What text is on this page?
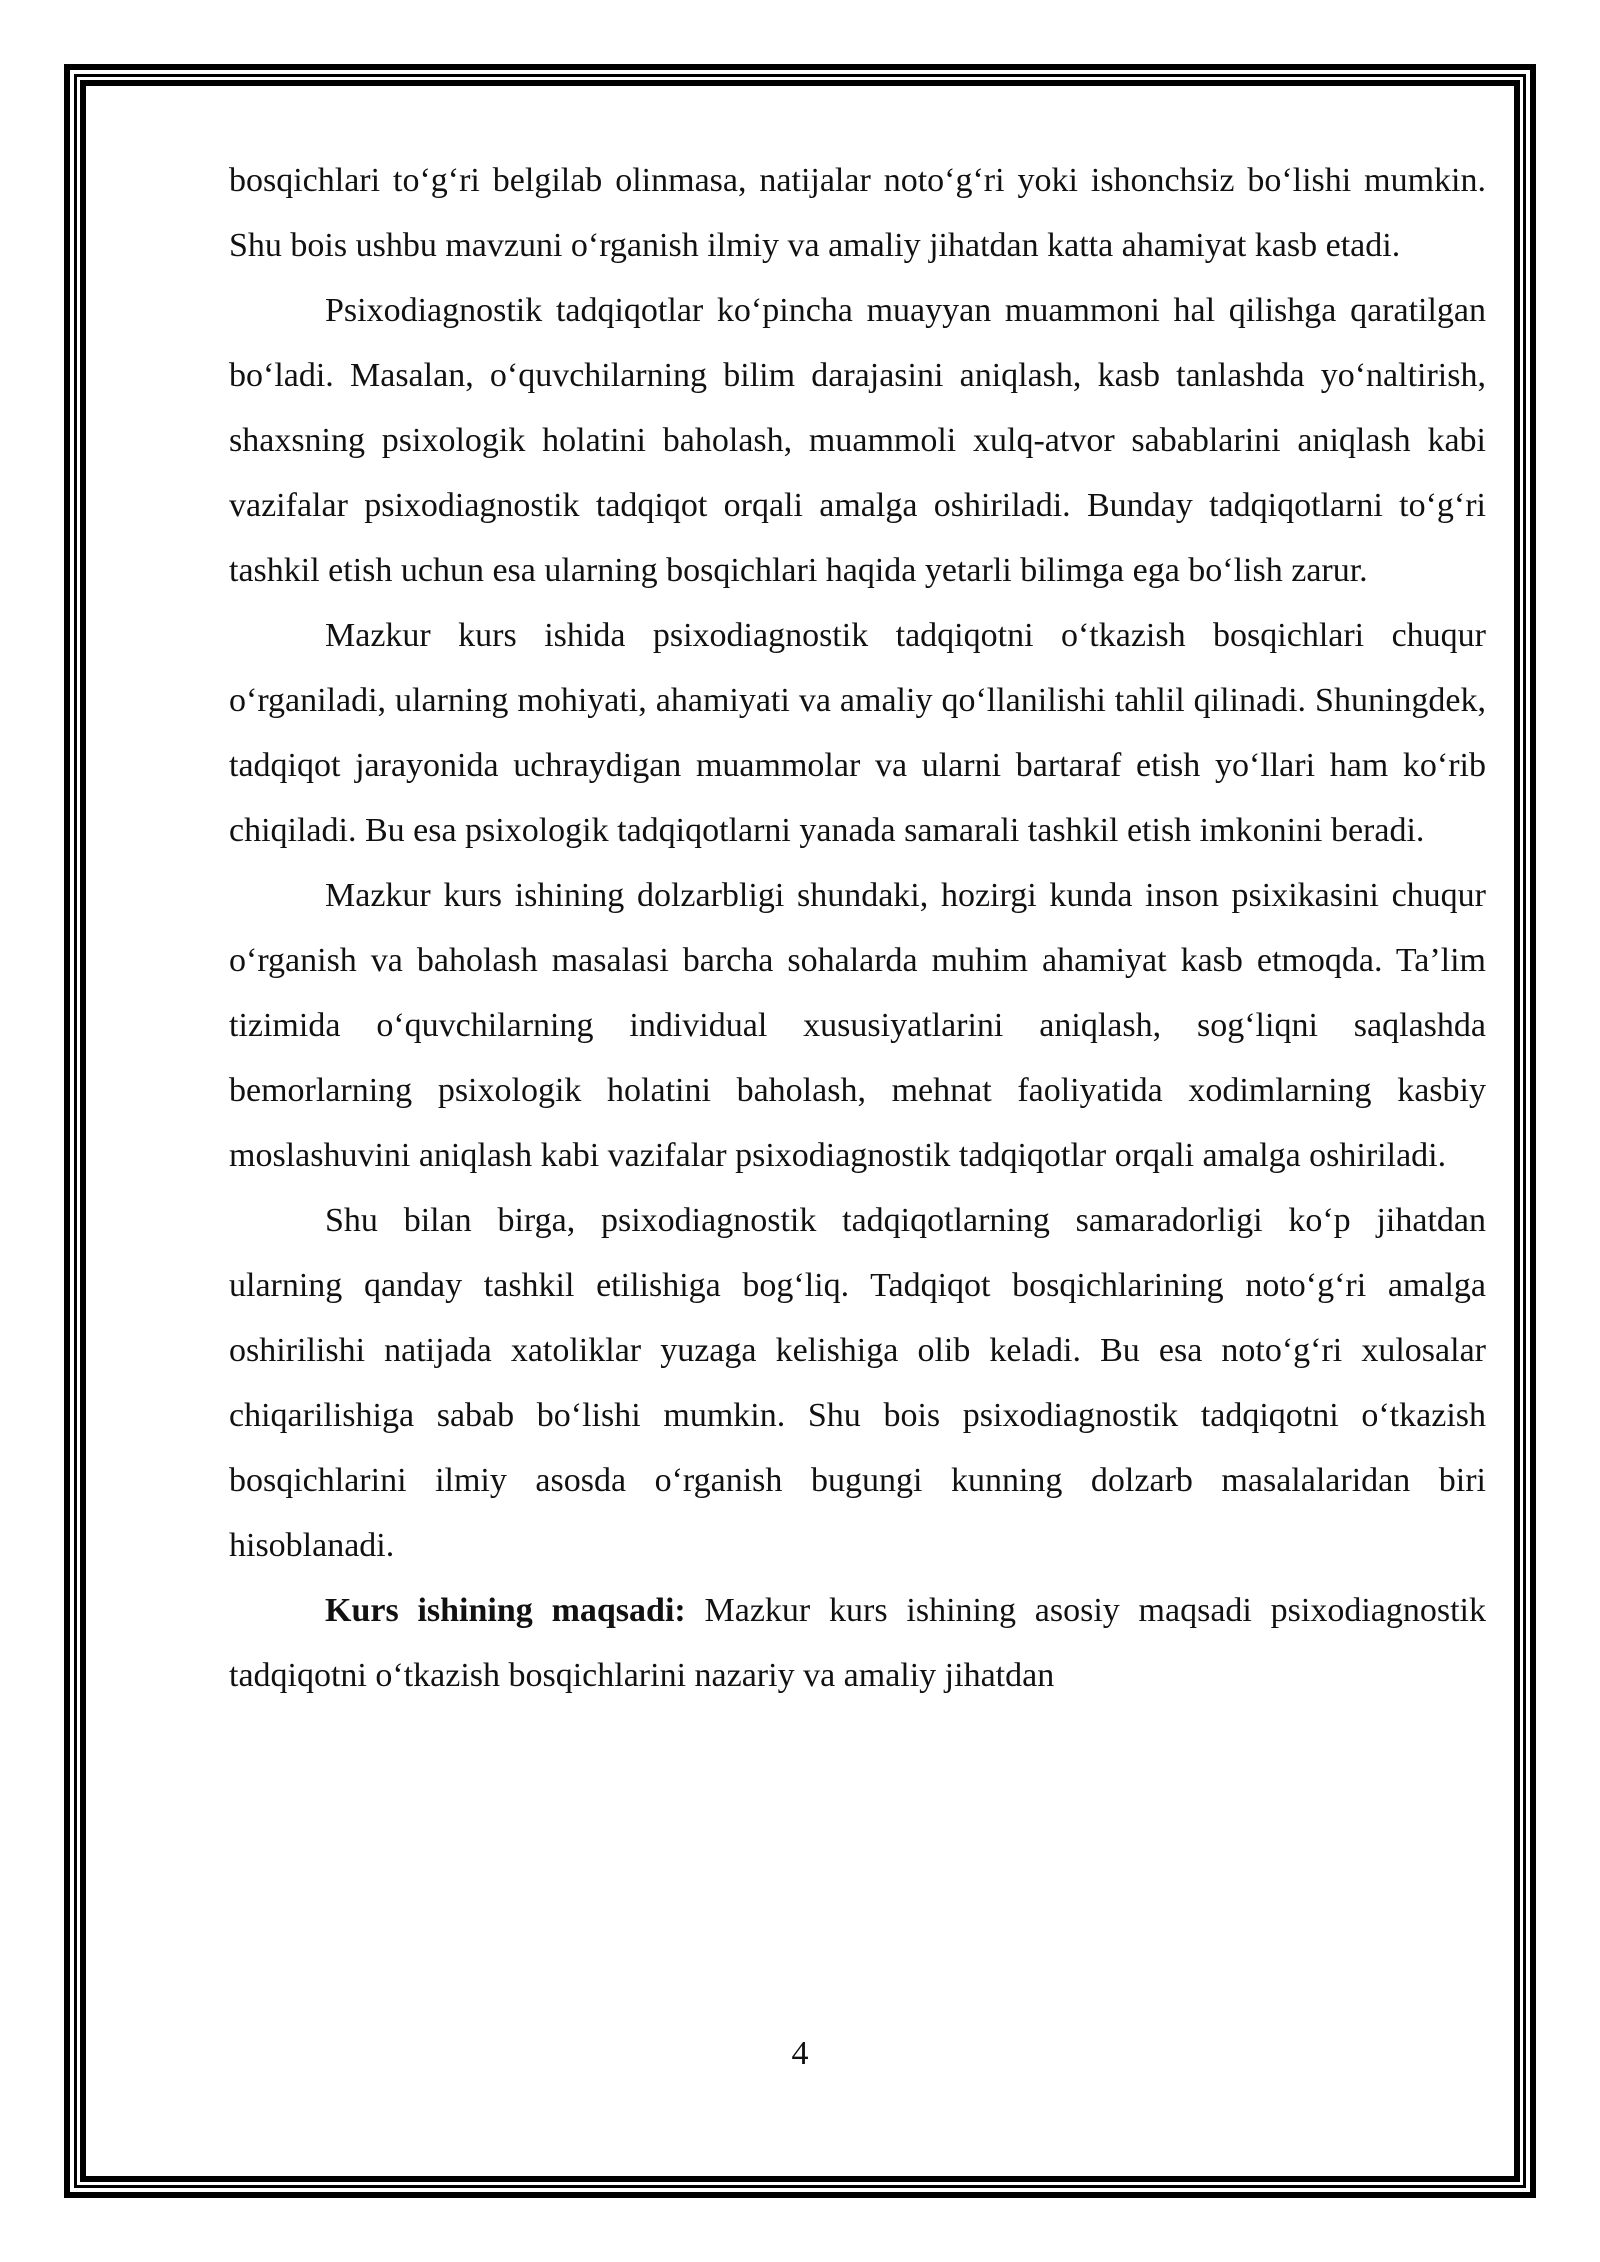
bosqichlari to‘g‘ri belgilab olinmasa, natijalar noto‘g‘ri yoki ishonchsiz bo‘lishi mumkin. Shu bois ushbu mavzuni o‘rganish ilmiy va amaliy jihatdan katta ahamiyat kasb etadi.

Psixodiagnostik tadqiqotlar ko‘pincha muayyan muammoni hal qilishga qaratilgan bo‘ladi. Masalan, o‘quvchilarning bilim darajasini aniqlash, kasb tanlashda yo‘naltirish, shaxsning psixologik holatini baholash, muammoli xulq-atvor sabablarini aniqlash kabi vazifalar psixodiagnostik tadqiqot orqali amalga oshiriladi. Bunday tadqiqotlarni to‘g‘ri tashkil etish uchun esa ularning bosqichlari haqida yetarli bilimga ega bo‘lish zarur.

Mazkur kurs ishida psixodiagnostik tadqiqotni o‘tkazish bosqichlari chuqur o‘rganiladi, ularning mohiyati, ahamiyati va amaliy qo‘llanilishi tahlil qilinadi. Shuningdek, tadqiqot jarayonida uchraydigan muammolar va ularni bartaraf etish yo‘llari ham ko‘rib chiqiladi. Bu esa psixologik tadqiqotlarni yanada samarali tashkil etish imkonini beradi.

Mazkur kurs ishining dolzarbligi shundaki, hozirgi kunda inson psixikasini chuqur o‘rganish va baholash masalasi barcha sohalarda muhim ahamiyat kasb etmoqda. Ta’lim tizimida o‘quvchilarning individual xususiyatlarini aniqlash, sog‘liqni saqlashda bemorlarning psixologik holatini baholash, mehnat faoliyatida xodimlarning kasbiy moslashuvini aniqlash kabi vazifalar psixodiagnostik tadqiqotlar orqali amalga oshiriladi.

Shu bilan birga, psixodiagnostik tadqiqotlarning samaradorligi ko‘p jihatdan ularning qanday tashkil etilishiga bog‘liq. Tadqiqot bosqichlarining noto‘g‘ri amalga oshirilishi natijada xatoliklar yuzaga kelishiga olib keladi. Bu esa noto‘g‘ri xulosalar chiqarilishiga sabab bo‘lishi mumkin. Shu bois psixodiagnostik tadqiqotni o‘tkazish bosqichlarini ilmiy asosda o‘rganish bugungi kunning dolzarb masalalaridan biri hisoblanadi.

Kurs ishining maqsadi: Mazkur kurs ishining asosiy maqsadi psixodiagnostik tadqiqotni o‘tkazish bosqichlarini nazariy va amaliy jihatdan

4
